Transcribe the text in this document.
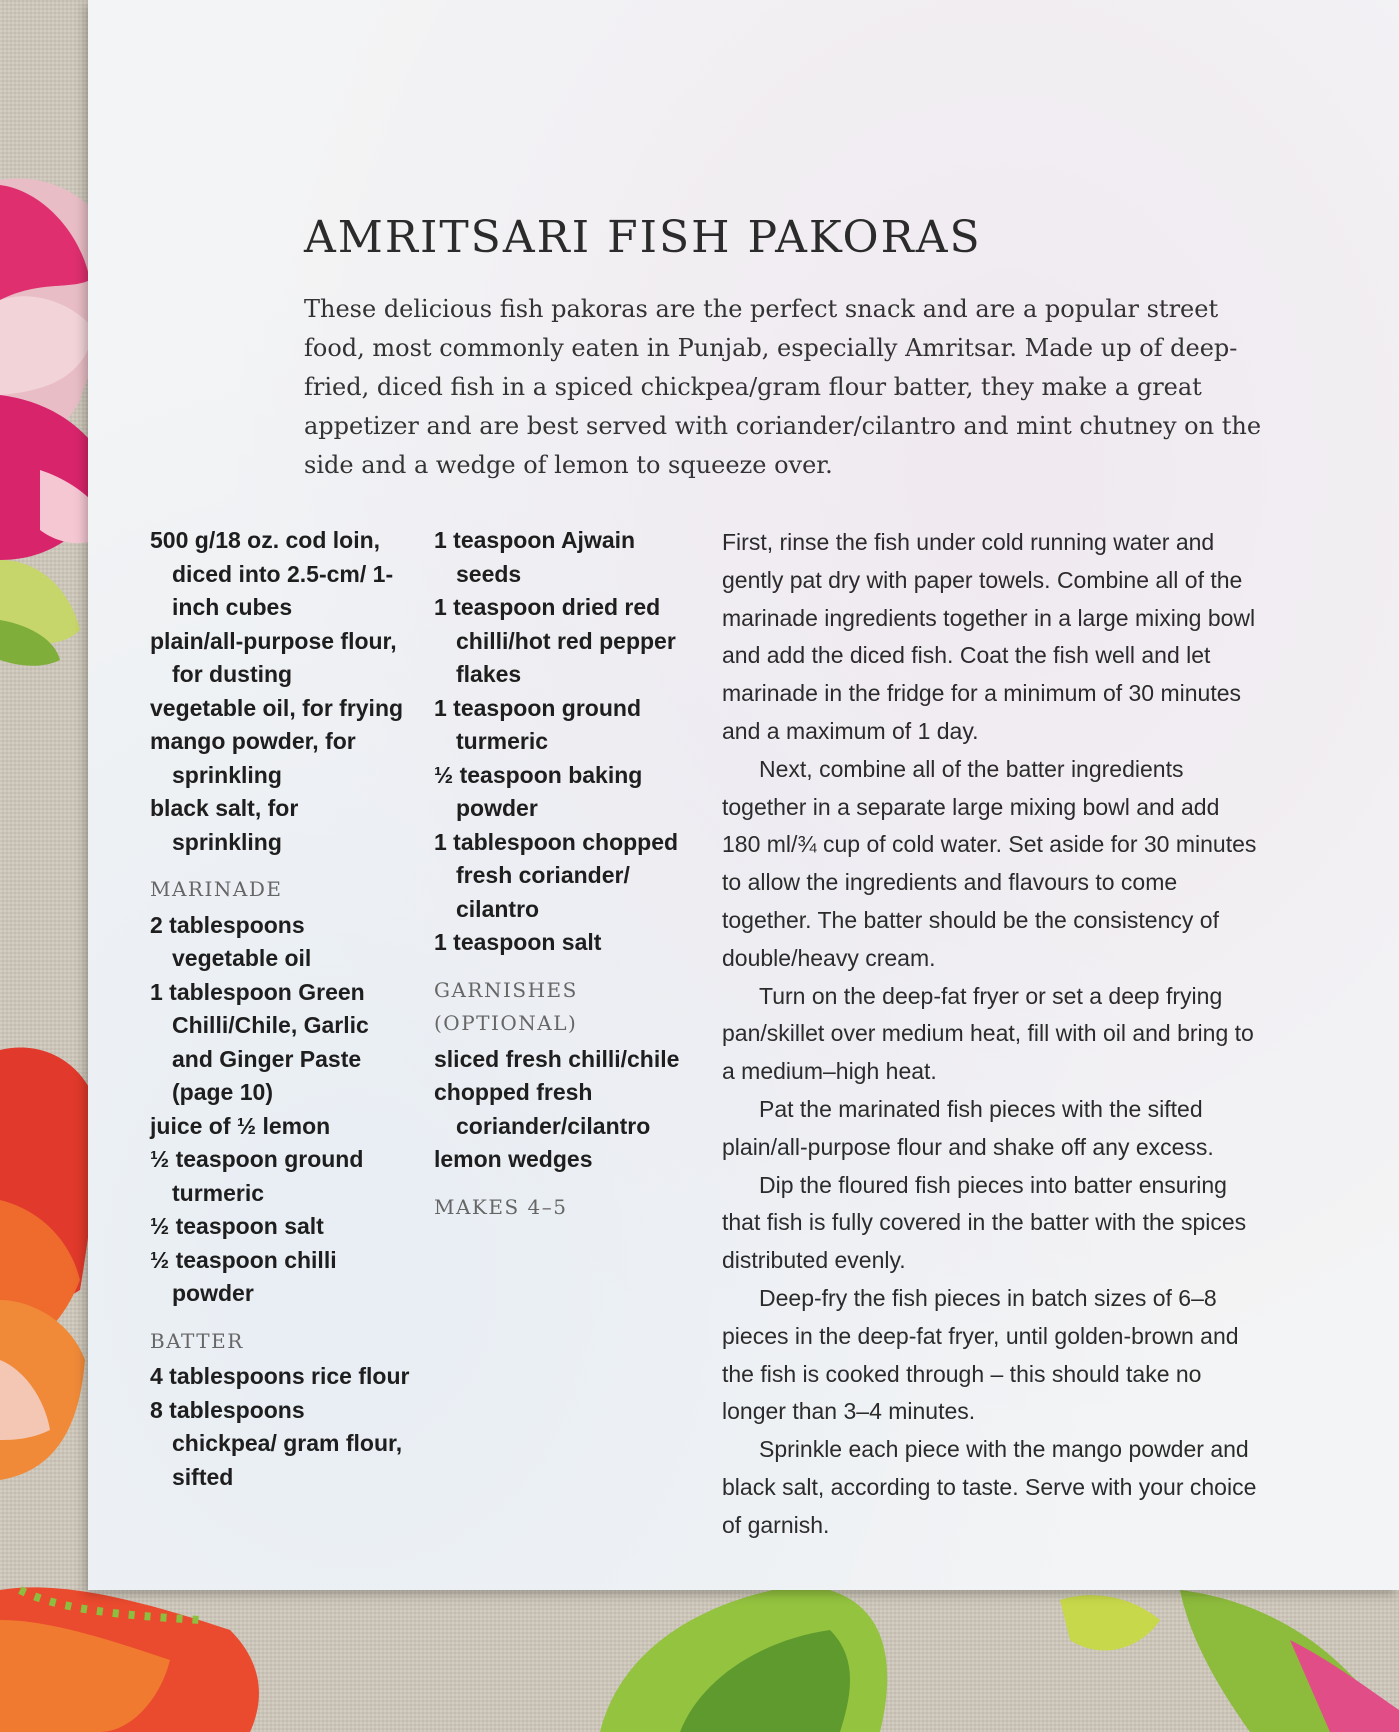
AMRITSARI FISH PAKORAS

These delicious fish pakoras are the perfect snack and are a popular street food, most commonly eaten in Punjab, especially Amritsar. Made up of deep-fried, diced fish in a spiced chickpea/gram flour batter, they make a great appetizer and are best served with coriander/cilantro and mint chutney on the side and a wedge of lemon to squeeze over.

500 g/18 oz. cod loin, diced into 2.5-cm/ 1-inch cubes
plain/all-purpose flour, for dusting
vegetable oil, for frying
mango powder, for sprinkling
black salt, for sprinkling
MARINADE
2 tablespoons vegetable oil
1 tablespoon Green Chilli/Chile, Garlic and Ginger Paste (page 10)
juice of ½ lemon
½ teaspoon ground turmeric
½ teaspoon salt
½ teaspoon chilli powder
BATTER
4 tablespoons rice flour
8 tablespoons chickpea/ gram flour, sifted
1 teaspoon Ajwain seeds
1 teaspoon dried red chilli/hot red pepper flakes
1 teaspoon ground turmeric
½ teaspoon baking powder
1 tablespoon chopped fresh coriander/ cilantro
1 teaspoon salt
GARNISHES
(OPTIONAL)
sliced fresh chilli/chile
chopped fresh coriander/cilantro
lemon wedges
MAKES 4–5

First, rinse the fish under cold running water and gently pat dry with paper towels. Combine all of the marinade ingredients together in a large mixing bowl and add the diced fish. Coat the fish well and let marinade in the fridge for a minimum of 30 minutes and a maximum of 1 day.

Next, combine all of the batter ingredients together in a separate large mixing bowl and add 180 ml/¾ cup of cold water. Set aside for 30 minutes to allow the ingredients and flavours to come together. The batter should be the consistency of double/heavy cream.

Turn on the deep-fat fryer or set a deep frying pan/skillet over medium heat, fill with oil and bring to a medium–high heat.

Pat the marinated fish pieces with the sifted plain/all-purpose flour and shake off any excess.

Dip the floured fish pieces into batter ensuring that fish is fully covered in the batter with the spices distributed evenly.

Deep-fry the fish pieces in batch sizes of 6–8 pieces in the deep-fat fryer, until golden-brown and the fish is cooked through – this should take no longer than 3–4 minutes.

Sprinkle each piece with the mango powder and black salt, according to taste. Serve with your choice of garnish.
